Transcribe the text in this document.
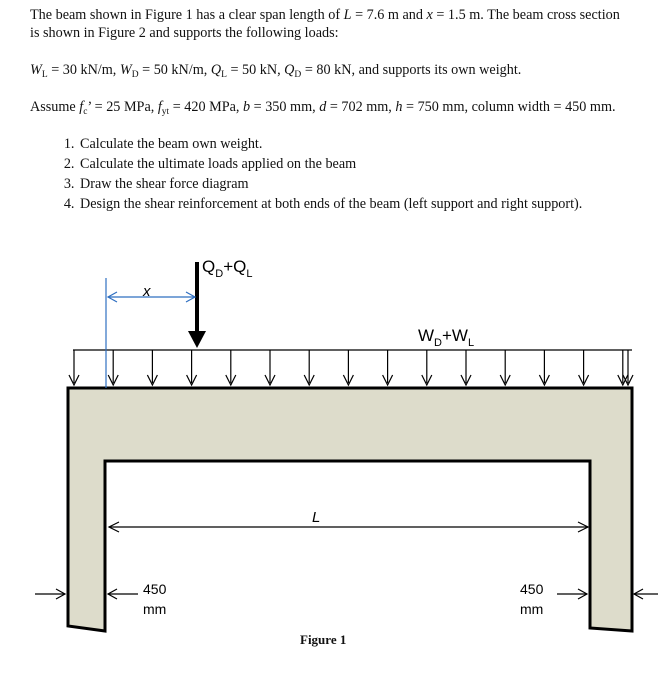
The beam shown in Figure 1 has a clear span length of L = 7.6 m and x = 1.5 m. The beam cross section is shown in Figure 2 and supports the following loads:
$W_L = 30$ kN/m, $W_D = 50$ kN/m, $Q_L = 50$ kN, $Q_D = 80$ kN, and supports its own weight.
Assume $f_c$’ = 25 MPa, $f_{yt} = 420$ MPa, b = 350 mm, d = 702 mm, h = 750 mm, column width = 450 mm.
1. Calculate the beam own weight.
2. Calculate the ultimate loads applied on the beam
3. Draw the shear force diagram
4. Design the shear reinforcement at both ends of the beam (left support and right support).
$Q_D+Q_L$
$W_D+W_L$
x
L
450
mm
450
mm
Figure 1
